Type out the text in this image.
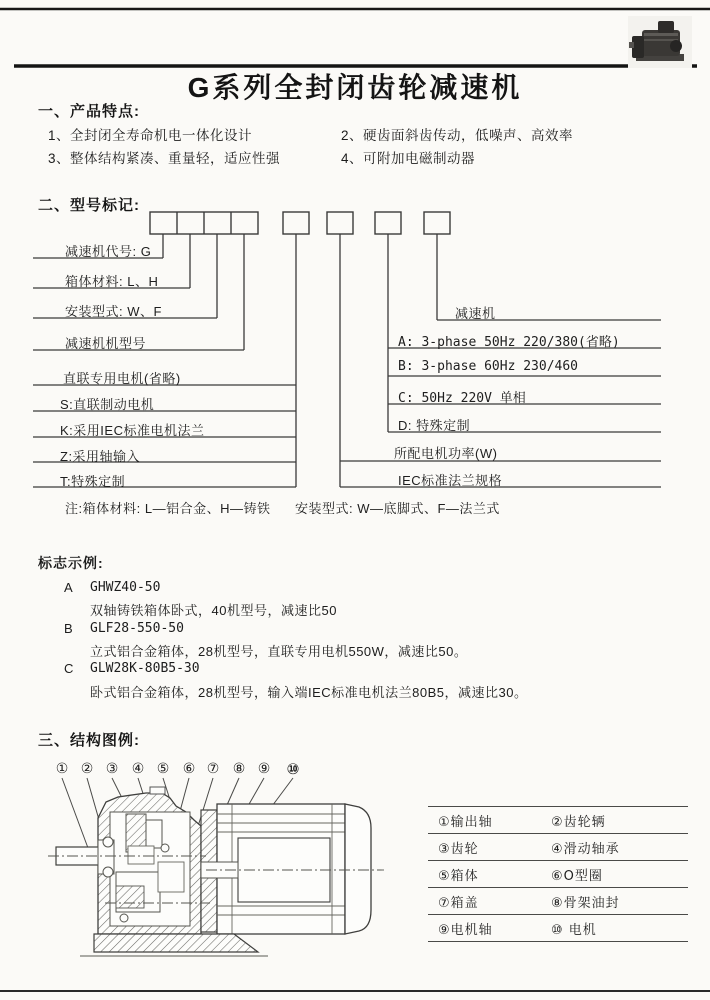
G系列全封闭齿轮减速机
一、产品特点:
1、全封闭全寿命机电一体化设计	2、硬齿面斜齿传动，低噪声、高效率
3、整体结构紧凑、重量轻，适应性强	4、可附加电磁制动器
二、型号标记:
减速机代号: G
箱体材料: L、H
安装型式: W、F
减速机机型号
直联专用电机(省略)
S:直联制动电机
K:采用IEC标准电机法兰
Z:采用轴输入
T:特殊定制
减速机
A: 3-phase 50Hz 220/380(省略)
B: 3-phase 60Hz 230/460
C: 50Hz 220V 单相
D: 特殊定制
所配电机功率(W)
IEC标准法兰规格
注:箱体材料: L—铝合金、H—铸铁 安装型式: W—底脚式、F—法兰式
标志示例:
A GHWZ40-50
双轴铸铁箱体卧式，40机型号，减速比50
B GLF28-550-50
立式铝合金箱体，28机型号，直联专用电机550W，减速比50。
C GLW28K-80B5-30
卧式铝合金箱体，28机型号，输入端IEC标准电机法兰80B5，减速比30。
三、结构图例:
① ② ③ ④ ⑤ ⑥ ⑦ ⑧ ⑨ ⑩
①输出轴	②齿轮辆
③齿轮	④滑动轴承
⑤箱体	⑥O型圈
⑦箱盖	⑧骨架油封
⑨电机轴	⑩ 电机
